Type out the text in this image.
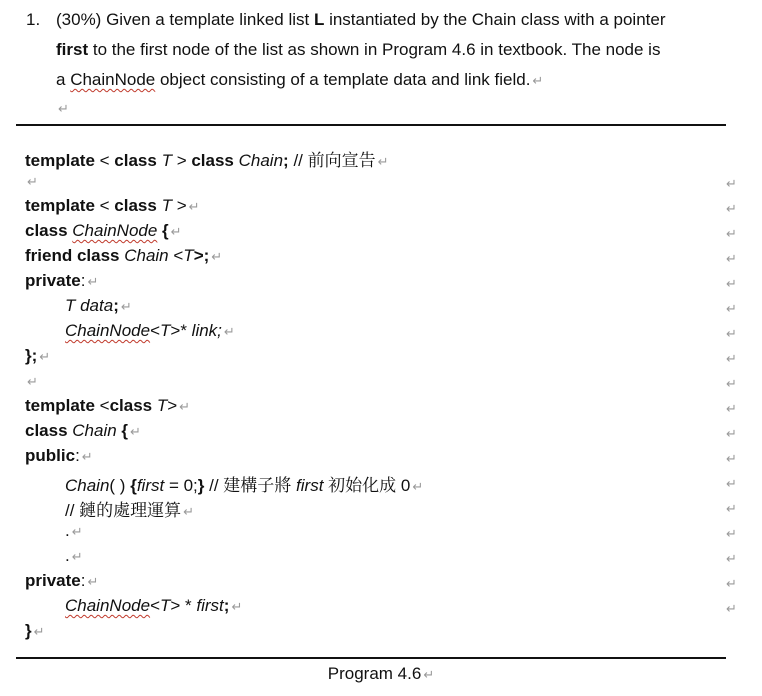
1. (30%) Given a template linked list L instantiated by the Chain class with a pointer
first to the first node of the list as shown in Program 4.6 in textbook. The node is
a ChainNode object consisting of a template data and link field. ↵
↵
template < class T > class Chain; // 前向宣告 ↵
↵
template < class T > ↵
class ChainNode { ↵
friend class Chain <T>; ↵
private: ↵
T data; ↵
ChainNode<T>* link; ↵
}; ↵
↵
template <class T> ↵
class Chain { ↵
public: ↵
Chain( ) {first = 0;} // 建構子將 first 初始化成 0 ↵
// 鏈的處理運算 ↵
. ↵
. ↵
private: ↵
ChainNode<T> * first; ↵
} ↵
↵
↵
↵
↵
↵
↵
↵
↵
↵
↵
↵
↵
↵
↵
↵
↵
↵
↵
Program 4.6 ↵
